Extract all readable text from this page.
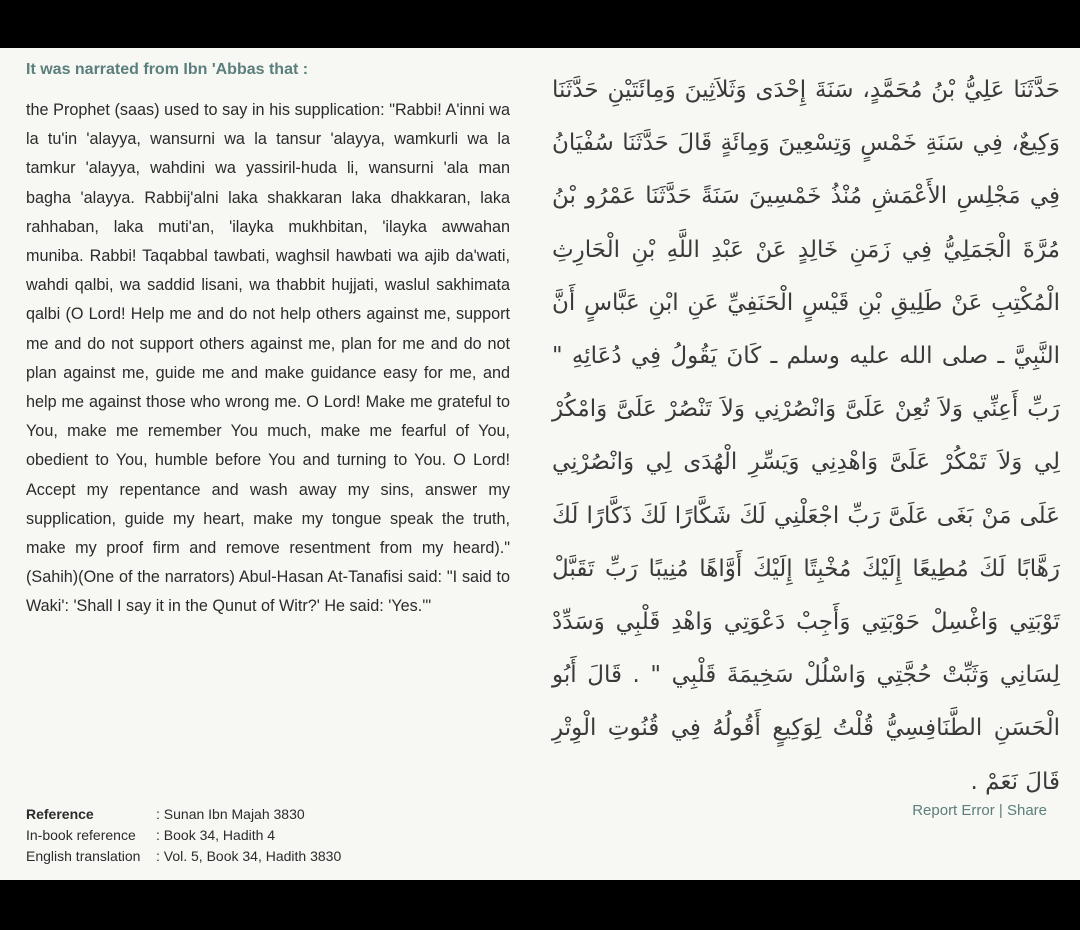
It was narrated from Ibn 'Abbas that :
the Prophet (saas) used to say in his supplication: "Rabbi! A'inni wa la tu'in 'alayya, wansurni wa la tansur 'alayya, wamkurli wa la tamkur 'alayya, wahdini wa yassiril-huda li, wansurni 'ala man bagha 'alayya. Rabbij'alni laka shakkaran laka dhakkaran, laka rahhaban, laka muti'an, 'ilayka mukhbitan, 'ilayka awwahan muniba. Rabbi! Taqabbal tawbati, waghsil hawbati wa ajib da'wati, wahdi qalbi, wa saddid lisani, wa thabbit hujjati, waslul sakhimata qalbi (O Lord! Help me and do not help others against me, support me and do not support others against me, plan for me and do not plan against me, guide me and make guidance easy for me, and help me against those who wrong me. O Lord! Make me grateful to You, make me remember You much, make me fearful of You, obedient to You, humble before You and turning to You. O Lord! Accept my repentance and wash away my sins, answer my supplication, guide my heart, make my tongue speak the truth, make my proof firm and remove resentment from my heard)." (Sahih)(One of the narrators) Abul-Hasan At-Tanafisi said: "I said to Waki': 'Shall I say it in the Qunut of Witr?' He said: 'Yes.'"
حَدَّثَنَا عَلِيُّ بْنُ مُحَمَّدٍ، سَنَةَ إِحْدَى وَثَلاَثِينَ وَمِائَتَيْنِ حَدَّثَنَا وَكِيعٌ، فِي سَنَةِ خَمْسٍ وَتِسْعِينَ وَمِائَةٍ قَالَ حَدَّثَنَا سُفْيَانُ فِي مَجْلِسِ الأَعْمَشِ مُنْذُ خَمْسِينَ سَنَةً حَدَّثَنَا عَمْرُو بْنُ مُرَّةَ الْجَمَلِيُّ فِي زَمَنِ خَالِدٍ عَنْ عَبْدِ اللَّهِ بْنِ الْحَارِثِ الْمُكْتِبِ عَنْ طَلِيقِ بْنِ قَيْسٍ الْحَنَفِيِّ عَنِ ابْنِ عَبَّاسٍ أَنَّ النَّبِيَّ ـ صلى الله عليه وسلم ـ كَانَ يَقُولُ فِي دُعَائِهِ " رَبِّ أَعِنِّي وَلاَ تُعِنْ عَلَىَّ وَانْصُرْنِي وَلاَ تَنْصُرْ عَلَىَّ وَامْكُرْ لِي وَلاَ تَمْكُرْ عَلَىَّ وَاهْدِنِي وَيَسِّرِ الْهُدَى لِي وَانْصُرْنِي عَلَى مَنْ بَغَى عَلَىَّ رَبِّ اجْعَلْنِي لَكَ شَكَّارًا لَكَ ذَكَّارًا لَكَ رَهَّابًا لَكَ مُطِيعًا إِلَيْكَ مُخْبِتًا إِلَيْكَ أَوَّاهًا مُنِيبًا رَبِّ تَقَبَّلْ تَوْبَتِي وَاغْسِلْ حَوْبَتِي وَأَجِبْ دَعْوَتِي وَاهْدِ قَلْبِي وَسَدِّدْ لِسَانِي وَثَبِّتْ حُجَّتِي وَاسْلُلْ سَخِيمَةَ قَلْبِي " . قَالَ أَبُو الْحَسَنِ الطَّنَافِسِيُّ قُلْتُ لِوَكِيعٍ أَقُولُهُ فِي قُنُوتِ الْوِتْرِ قَالَ نَعَمْ .
Reference	: Sunan Ibn Majah 3830
In-book reference	: Book 34, Hadith 4
English translation	: Vol. 5, Book 34, Hadith 3830
Report Error | Share
